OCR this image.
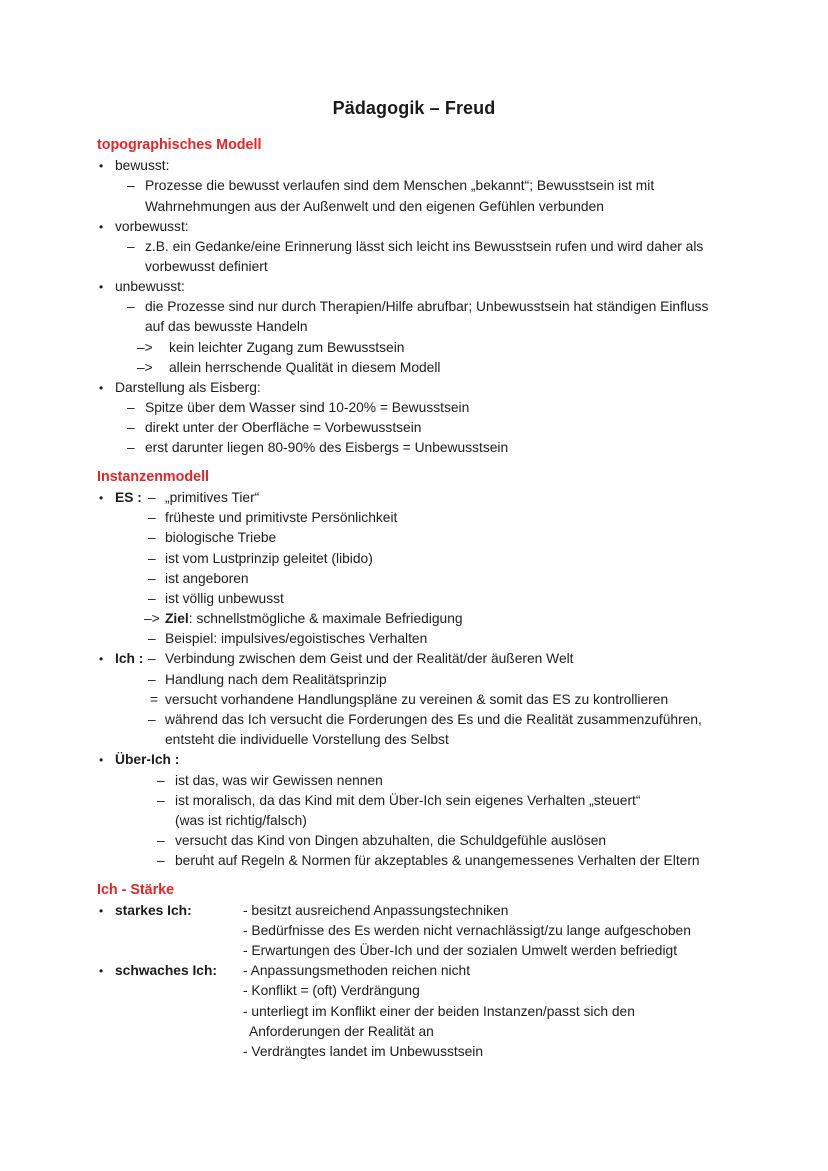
Pädagogik – Freud
topographisches Modell
• bewusst:
– Prozesse die bewusst verlaufen sind dem Menschen „bekannt“; Bewusstsein ist mit
Wahrnehmungen aus der Außenwelt und den eigenen Gefühlen verbunden
• vorbewusst:
– z.B. ein Gedanke/eine Erinnerung lässt sich leicht ins Bewusstsein rufen und wird daher als
vorbewusst definiert
• unbewusst:
– die Prozesse sind nur durch Therapien/Hilfe abrufbar; Unbewusstsein hat ständigen Einfluss
auf das bewusste Handeln
–> kein leichter Zugang zum Bewusstsein
–> allein herrschende Qualität in diesem Modell
• Darstellung als Eisberg:
– Spitze über dem Wasser sind 10-20% = Bewusstsein
– direkt unter der Oberfläche = Vorbewusstsein
– erst darunter liegen 80-90% des Eisbergs = Unbewusstsein
Instanzenmodell
• ES : – „primitives Tier“
– früheste und primitivste Persönlichkeit
– biologische Triebe
– ist vom Lustprinzip geleitet (libido)
– ist angeboren
– ist völlig unbewusst
–> Ziel: schnellstmögliche & maximale Befriedigung
– Beispiel: impulsives/egoistisches Verhalten
• Ich : – Verbindung zwischen dem Geist und der Realität/der äußeren Welt
– Handlung nach dem Realitätsprinzip
= versucht vorhandene Handlungspläne zu vereinen & somit das ES zu kontrollieren
– während das Ich versucht die Forderungen des Es und die Realität zusammenzuführen,
entsteht die individuelle Vorstellung des Selbst
• Über-Ich :
– ist das, was wir Gewissen nennen
– ist moralisch, da das Kind mit dem Über-Ich sein eigenes Verhalten „steuert“
(was ist richtig/falsch)
– versucht das Kind von Dingen abzuhalten, die Schuldgefühle auslösen
– beruht auf Regeln & Normen für akzeptables & unangemessenes Verhalten der Eltern
Ich - Stärke
• starkes Ich:	- besitzt ausreichend Anpassungstechniken
- Bedürfnisse des Es werden nicht vernachlässigt/zu lange aufgeschoben
- Erwartungen des Über-Ich und der sozialen Umwelt werden befriedigt
• schwaches Ich: - Anpassungsmethoden reichen nicht
- Konflikt = (oft) Verdrängung
- unterliegt im Konflikt einer der beiden Instanzen/passt sich den
Anforderungen der Realität an
- Verdrängtes landet im Unbewusstsein
